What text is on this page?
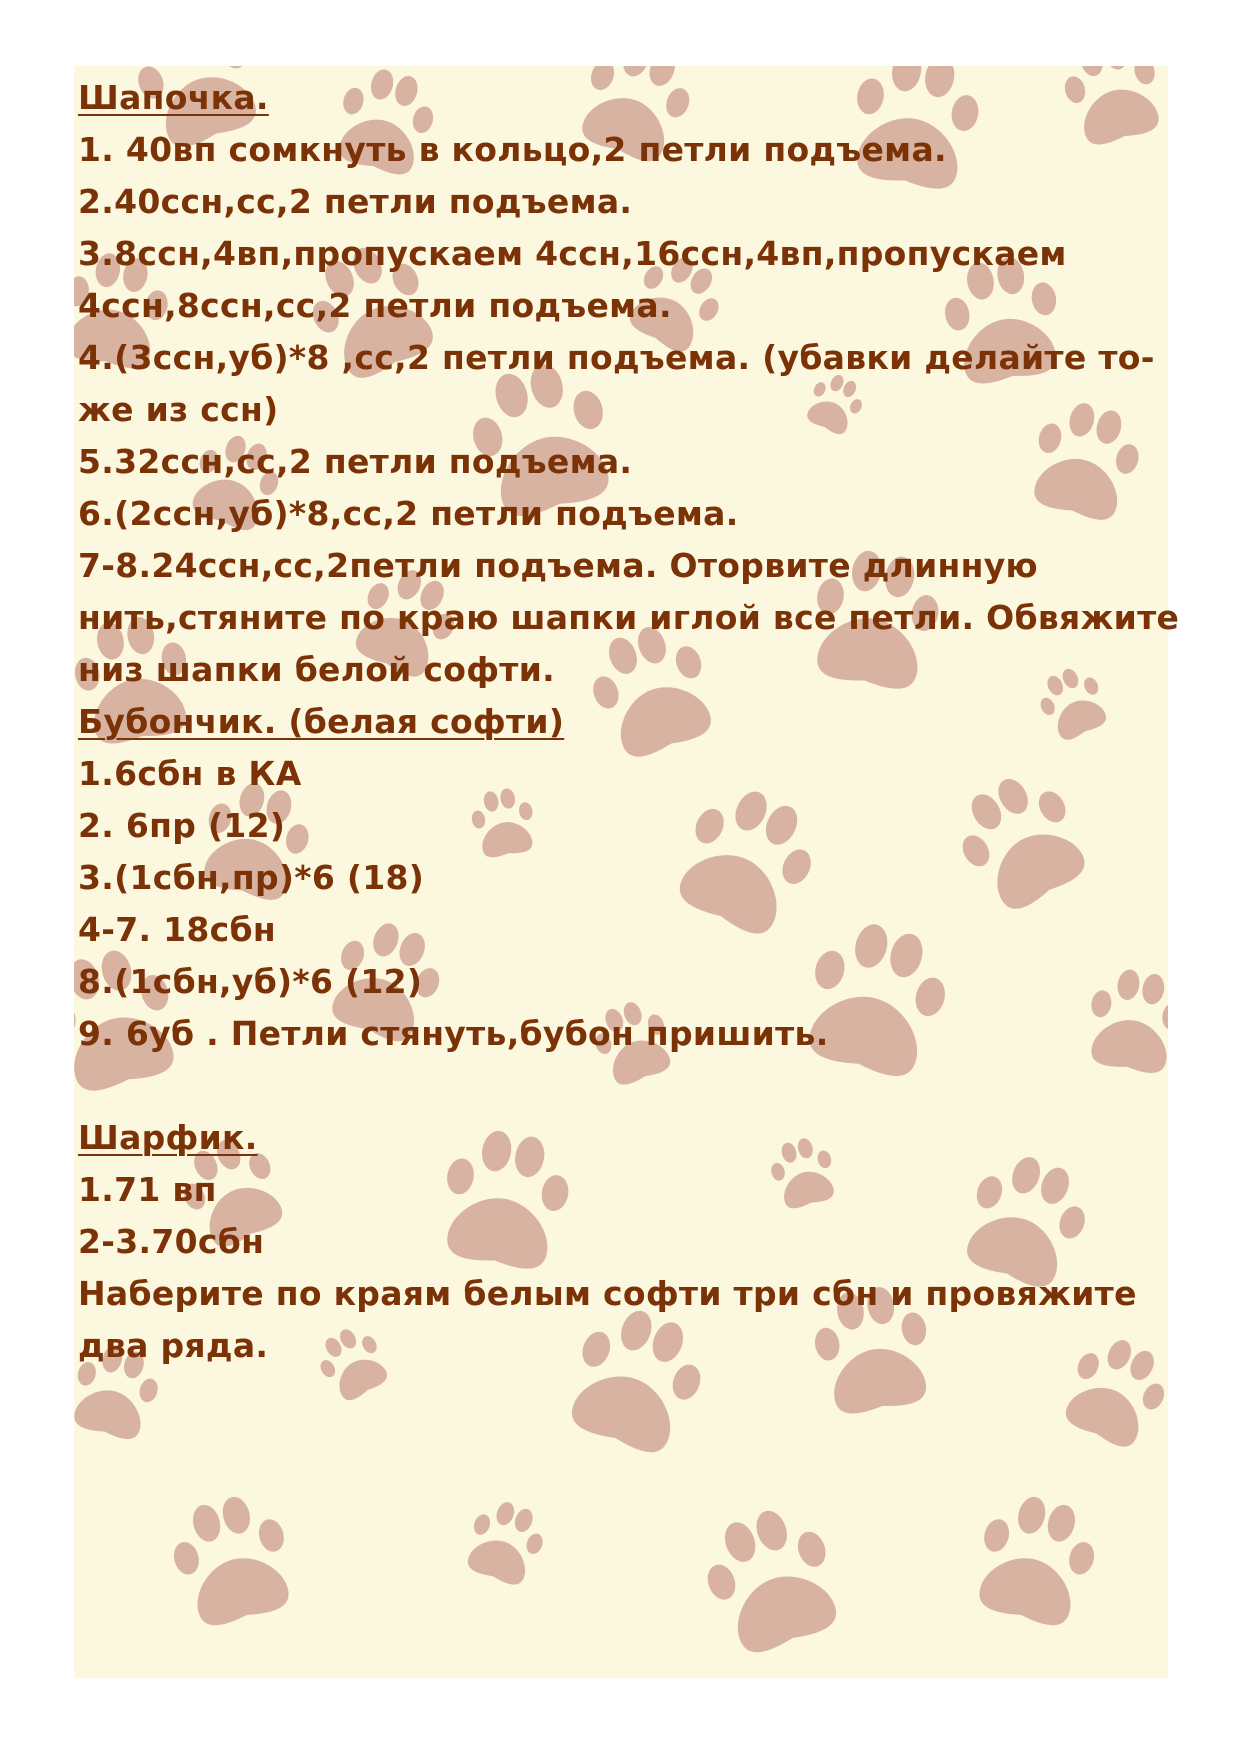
Шапочка.
1. 40вп сомкнуть в кольцо,2 петли подъема.
2.40ссн,сс,2 петли подъема.
3.8ссн,4вп,пропускаем 4ссн,16ссн,4вп,пропускаем
4ссн,8ссн,сс,2 петли подъема.
4.(3ссн,уб)*8 ,сс,2 петли подъема. (убавки делайте то-
же из ссн)
5.32ссн,сс,2 петли подъема.
6.(2ссн,уб)*8,сс,2 петли подъема.
7-8.24ссн,сс,2петли подъема. Оторвите длинную
нить,стяните по краю шапки иглой все петли. Обвяжите
низ шапки белой софти.
Бубончик. (белая софти)
1.6сбн в КА
2. 6пр (12)
3.(1сбн,пр)*6 (18)
4-7. 18сбн
8.(1сбн,уб)*6 (12)
9. 6уб . Петли стянуть,бубон пришить.
Шарфик.
1.71 вп
2-3.70сбн
Наберите по краям белым софти три сбн и провяжите
два ряда.
